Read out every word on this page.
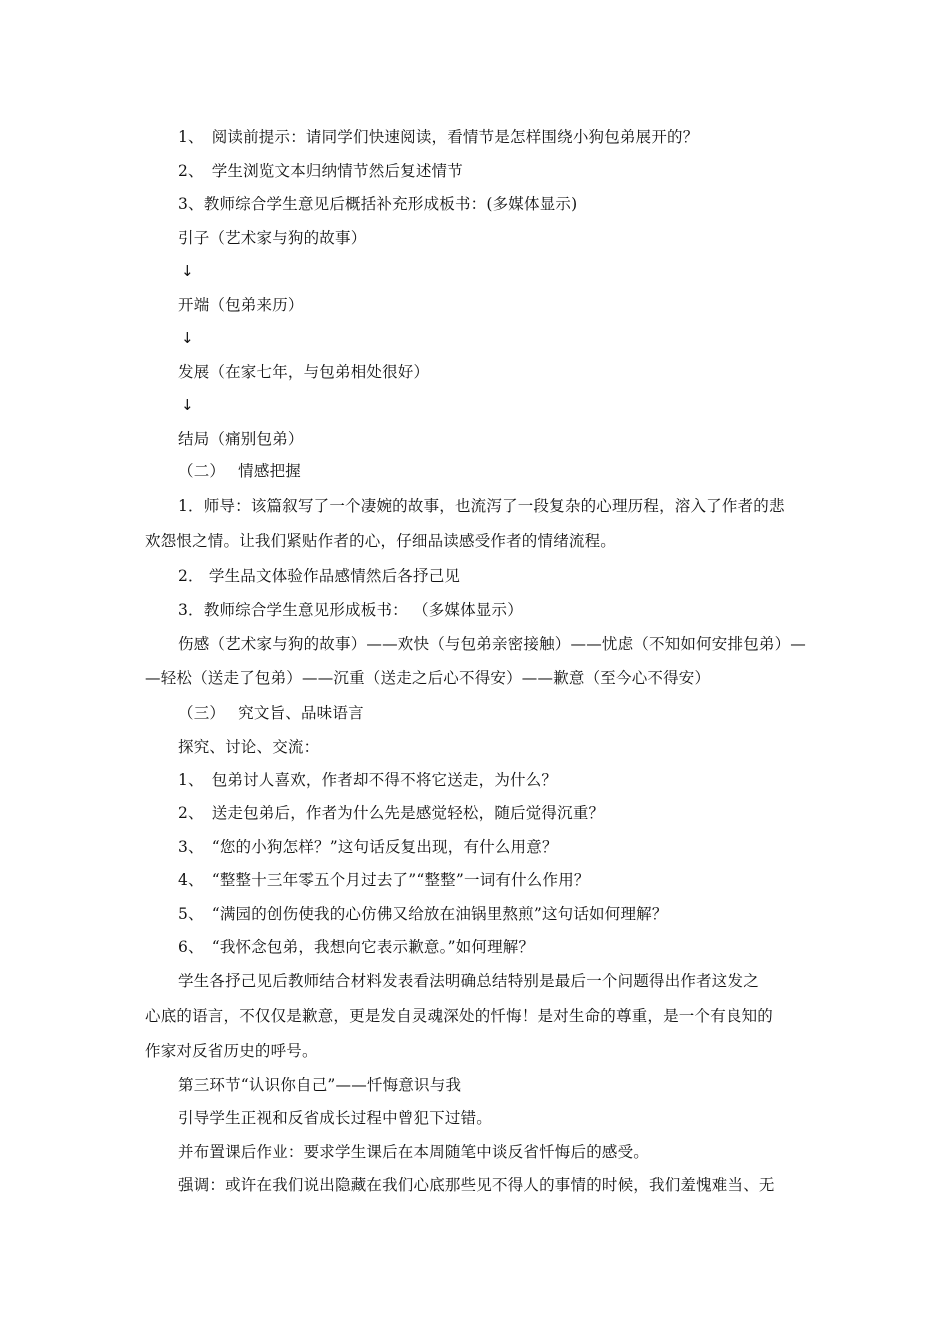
1、　阅读前提示：请同学们快速阅读，看情节是怎样围绕小狗包弟展开的？
2、　学生浏览文本归纳情节然后复述情节
3、教师综合学生意见后概括补充形成板书：(多媒体显示)
引子（艺术家与狗的故事）
↓
开端（包弟来历）
↓
发展（在家七年，与包弟相处很好）
↓
结局（痛别包弟）
（二）　 情感把握
1．师导：该篇叙写了一个凄婉的故事，也流泻了一段复杂的心理历程，溶入了作者的悲
欢怨恨之情。让我们紧贴作者的心，仔细品读感受作者的情绪流程。
2． 学生品文体验作品感情然后各抒己见
3．教师综合学生意见形成板书： （多媒体显示）
伤感（艺术家与狗的故事）——欢快（与包弟亲密接触）——忧虑（不知如何安排包弟）—
—轻松（送走了包弟）——沉重（送走之后心不得安）——歉意（至今心不得安）
（三）　 究文旨、品味语言
探究、讨论、交流：
1、　包弟讨人喜欢，作者却不得不将它送走，为什么？
2、　送走包弟后，作者为什么先是感觉轻松，随后觉得沉重？
3、　“您的小狗怎样？”这句话反复出现，有什么用意？
4、　“整整十三年零五个月过去了”“整整”一词有什么作用？
5、　“满园的创伤使我的心仿佛又给放在油锅里熬煎”这句话如何理解？
6、　“我怀念包弟，我想向它表示歉意。”如何理解？
学生各抒己见后教师结合材料发表看法明确总结特别是最后一个问题得出作者这发之
心底的语言，不仅仅是歉意，更是发自灵魂深处的忏悔！是对生命的尊重，是一个有良知的
作家对反省历史的呼号。
第三环节“认识你自己”——忏悔意识与我
引导学生正视和反省成长过程中曾犯下过错。
并布置课后作业：要求学生课后在本周随笔中谈反省忏悔后的感受。
强调：或许在我们说出隐藏在我们心底那些见不得人的事情的时候，我们羞愧难当、无
